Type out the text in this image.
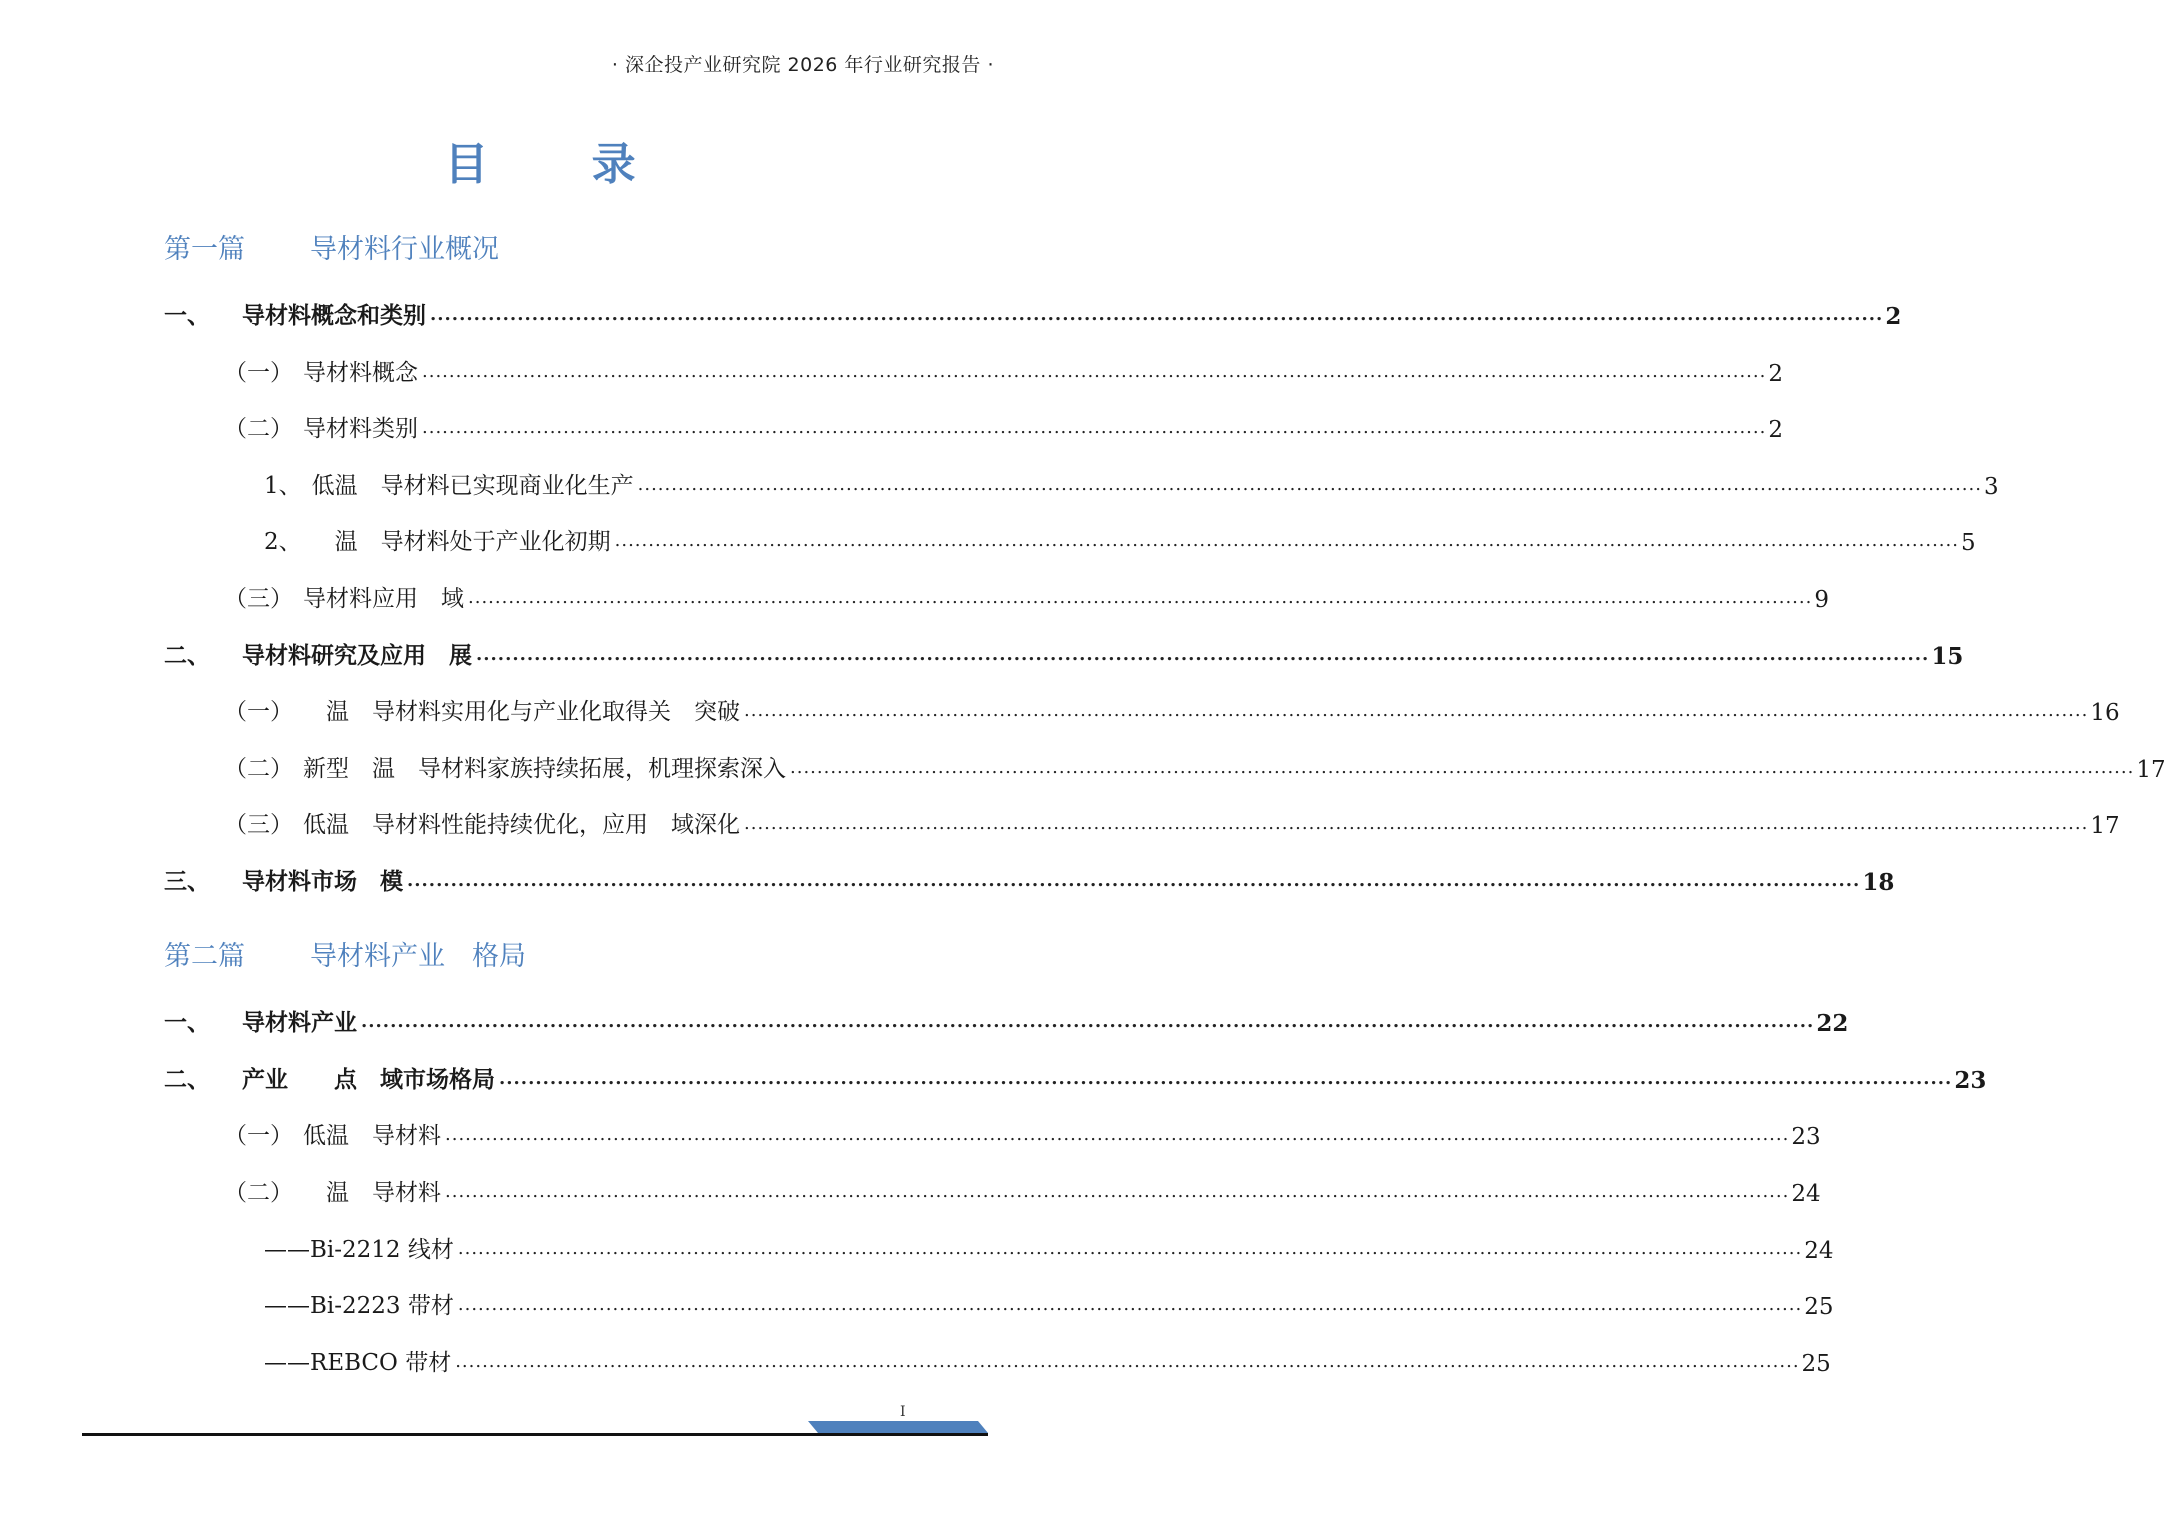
· 深企投产业研究院 2026 年行业研究报告 ·
目 录
第一篇 导材料行业概况
一、 导材料概念和类别 ........................................................................................................................................................................................................ 2
（一） 导材料概念 ........................................................................................................................................................................................................ 2
（二） 导材料类别 ........................................................................................................................................................................................................ 2
1、 低温　导材料已实现商业化生产 ........................................................................................................................................................................................................ 3
2、　温　导材料处于产业化初期 ........................................................................................................................................................................................................ 5
（三） 导材料应用　域 ........................................................................................................................................................................................................ 9
二、 导材料研究及应用　展 ........................................................................................................................................................................................................ 15
（一）　温　导材料实用化与产业化取得关　突破 ........................................................................................................................................................................................................ 16
（二） 新型　温　导材料家族持续拓展，机理探索深入 ........................................................................................................................................................................................................ 17
（三） 低温　导材料性能持续优化，应用　域深化 ........................................................................................................................................................................................................ 17
三、 导材料市场　模 ........................................................................................................................................................................................................ 18
第二篇 导材料产业　格局
一、 导材料产业 ........................................................................................................................................................................................................ 22
二、 产业　　点　域市场格局 ........................................................................................................................................................................................................ 23
（一） 低温　导材料 ........................................................................................................................................................................................................ 23
（二）　温　导材料 ........................................................................................................................................................................................................ 24
——Bi-2212 线材 ........................................................................................................................................................................................................ 24
——Bi-2223 带材 ........................................................................................................................................................................................................ 25
——REBCO 带材 ........................................................................................................................................................................................................ 25
I
